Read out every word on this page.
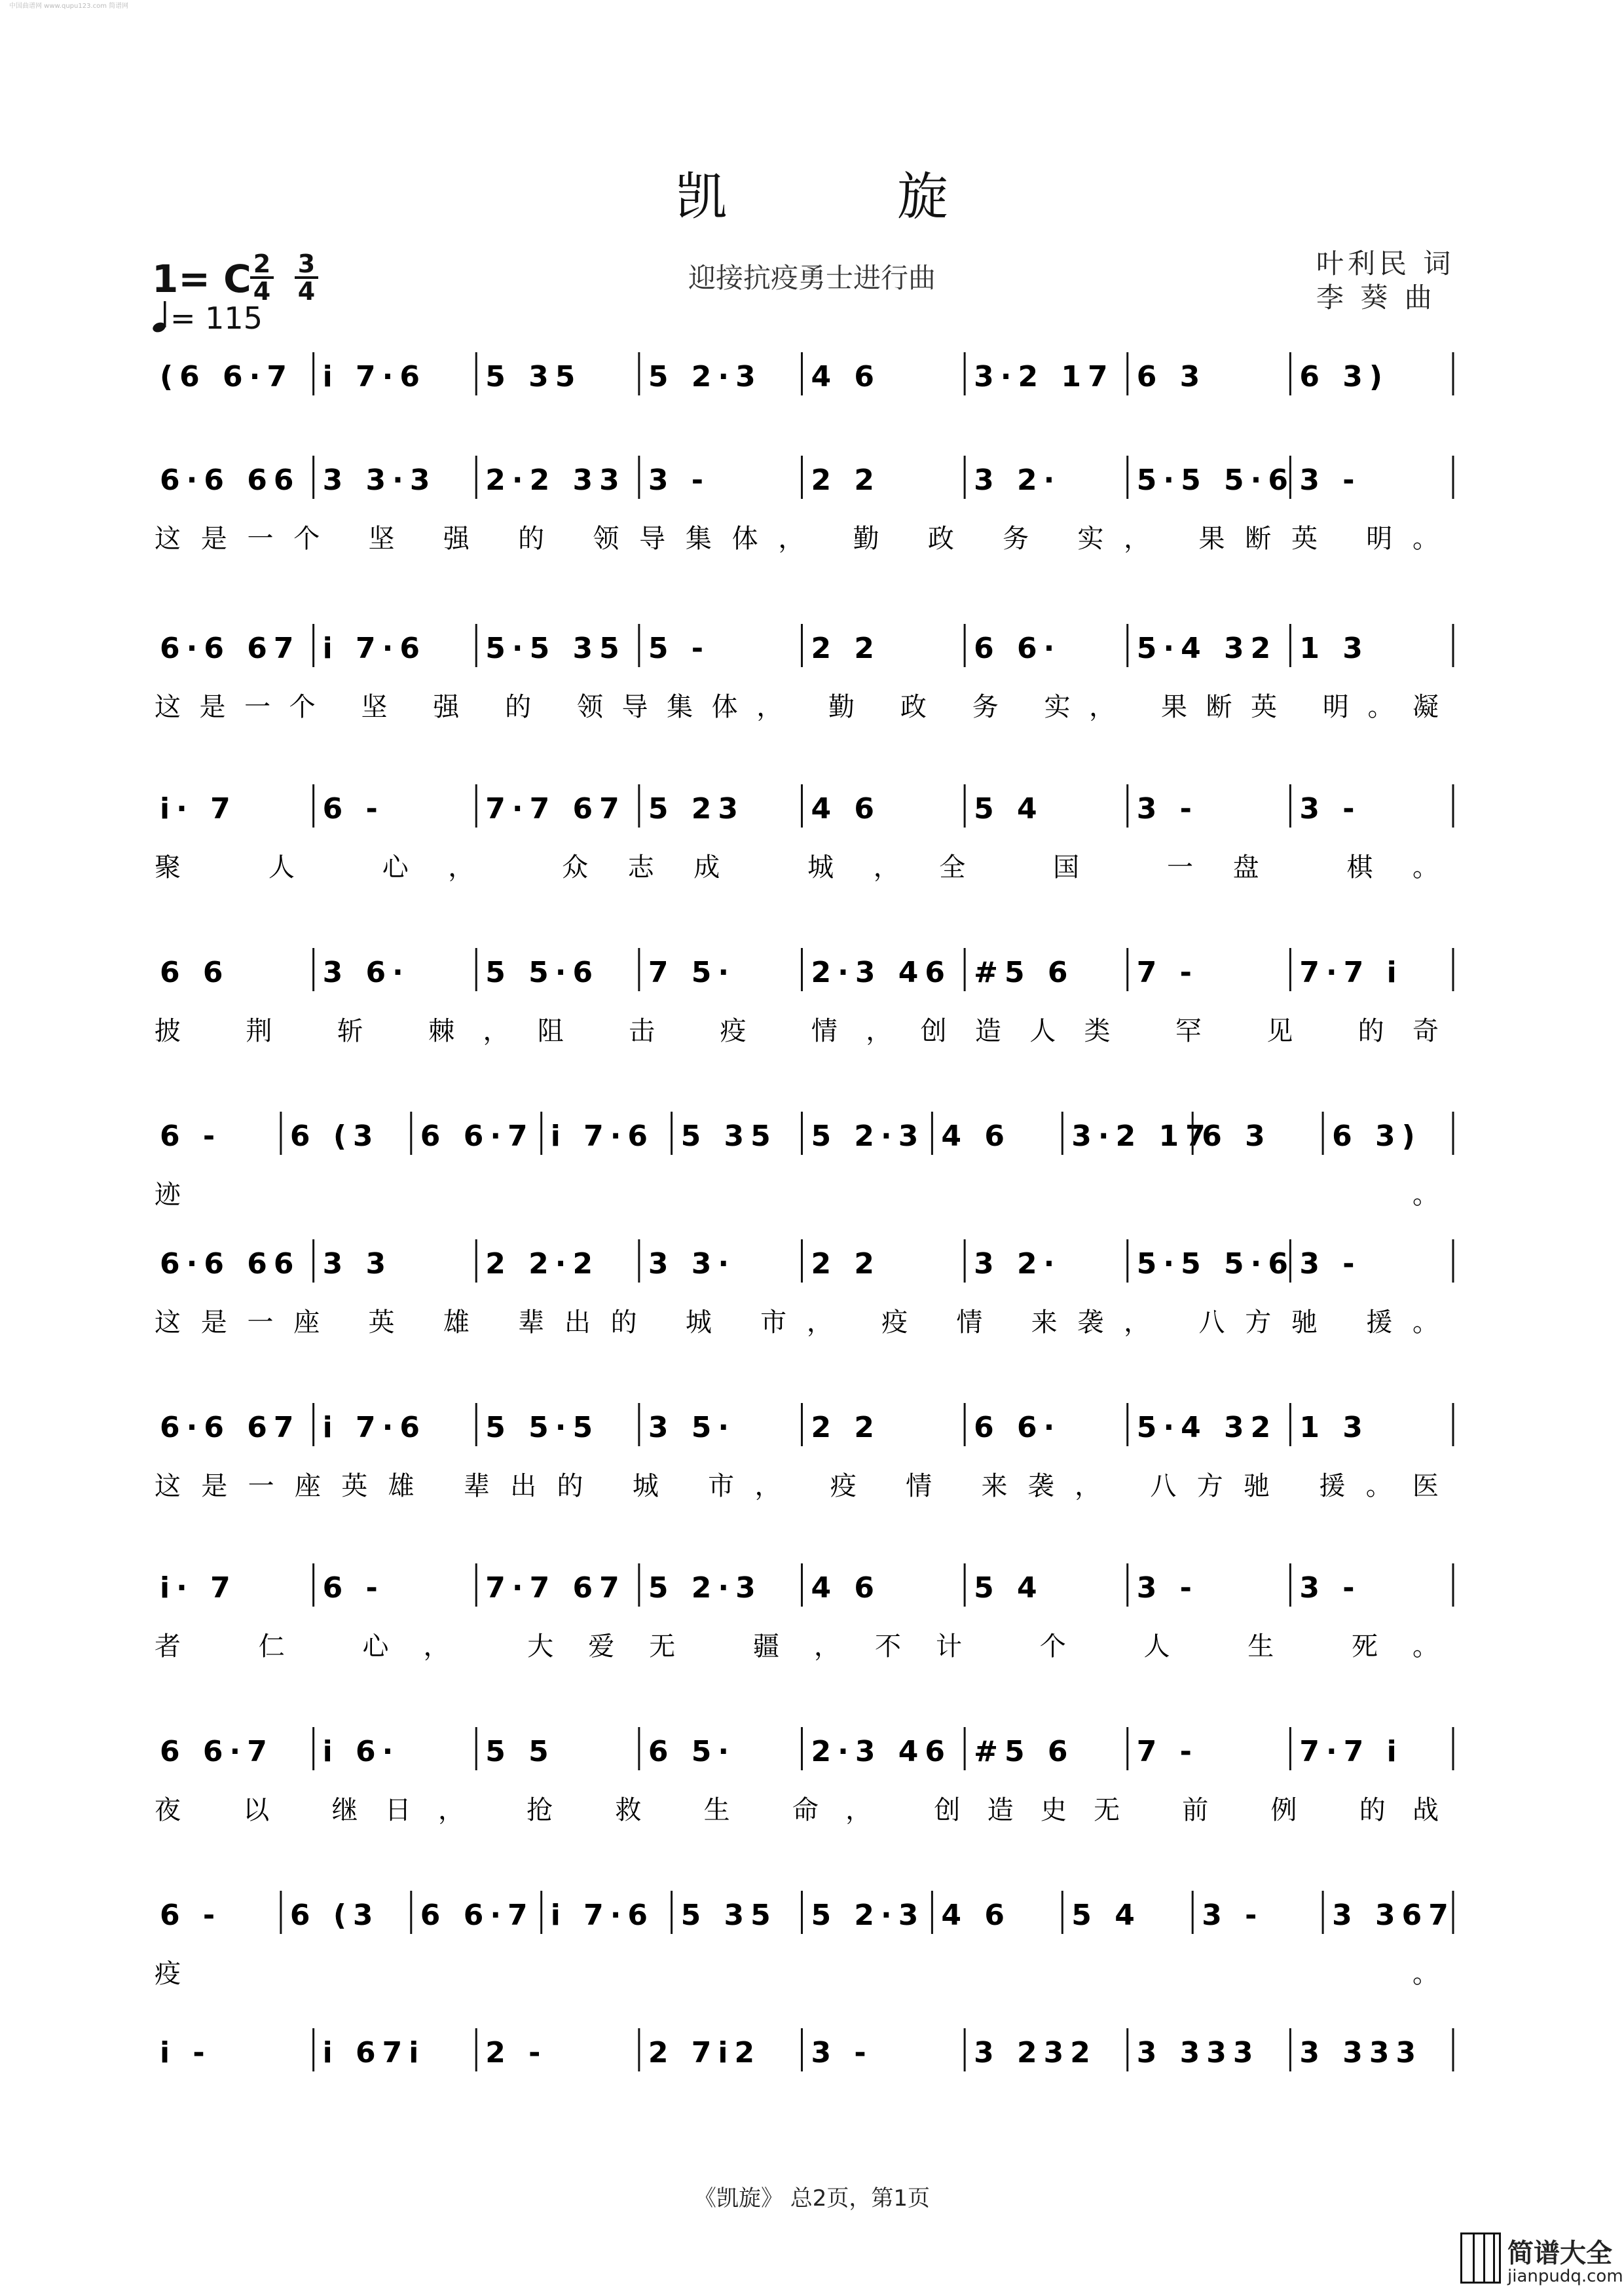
中国曲谱网 www.qupu123.com 简谱网
凯旋
迎接抗疫勇士进行曲
1= C 2
4
3
4
= 115
叶利民 词
李 葵 曲
(6 6·7 i 7·6 5 35 5 2·3 4 6	3·2 17 6 3	6 3)
6·6 66 3 3·3 2·2 33 3 -	2 2	3 2·	5·5 5·6 3 -
这是一个 坚 强 的 领导集体， 勤 政 务 实， 果断英 明。
6·6 67 i 7·6 5·5 35 5 -	2 2	6 6·	5·4 32 1 3
这是一个 坚 强 的 领导集体， 勤 政 务 实， 果断英 明。凝
i· 7	6 -	7·7 67 5 23 4 6	5 4	3 -	3 -
聚 人 心， 众志成 城，全 国 一盘 棋。
6 6	3 6·	5 5·6 7 5·	2·3 46 #5 6 7 -	7·7 i
披 荆 斩 棘，阻 击 疫 情，创造人类 罕 见 的奇
6 - 6 (3 6 6·7 i 7·6 5 35 5 2·3 4 6 3·2 17
6 3 6 3)
迹。
6·6 66 3 3	2 2·2 3 3·	2 2	3 2·	5·5 5·6 3 -
这是一座 英 雄 辈出的 城 市， 疫 情 来袭， 八方驰 援。
6·6 67 i 7·6 5 5·5 3 5·	2 2	6 6·	5·4 32 1 3
这是一座英雄 辈出的 城 市， 疫 情 来袭， 八方驰 援。医
i· 7	6 -	7·7 67 5 2·3 4 6	5 4	3 -	3 -
者 仁 心， 大爱无 疆，不计 个 人 生 死。
6 6·7 i 6·	5 5	6 5·	2·3 46 #5 6 7 -	7·7 i
夜 以 继日， 抢 救 生 命， 创造史无 前 例 的战
6 - 6 (3 6 6·7 i 7·6 5 35 5 2·3 4 6 5 4 3 - 3 367
疫。
i -	i 67i 2 -	2 7i2 3 -	3 232 3 333 3 333
《凯旋》 总2页，第1页
简谱大全
jianpudq.com
